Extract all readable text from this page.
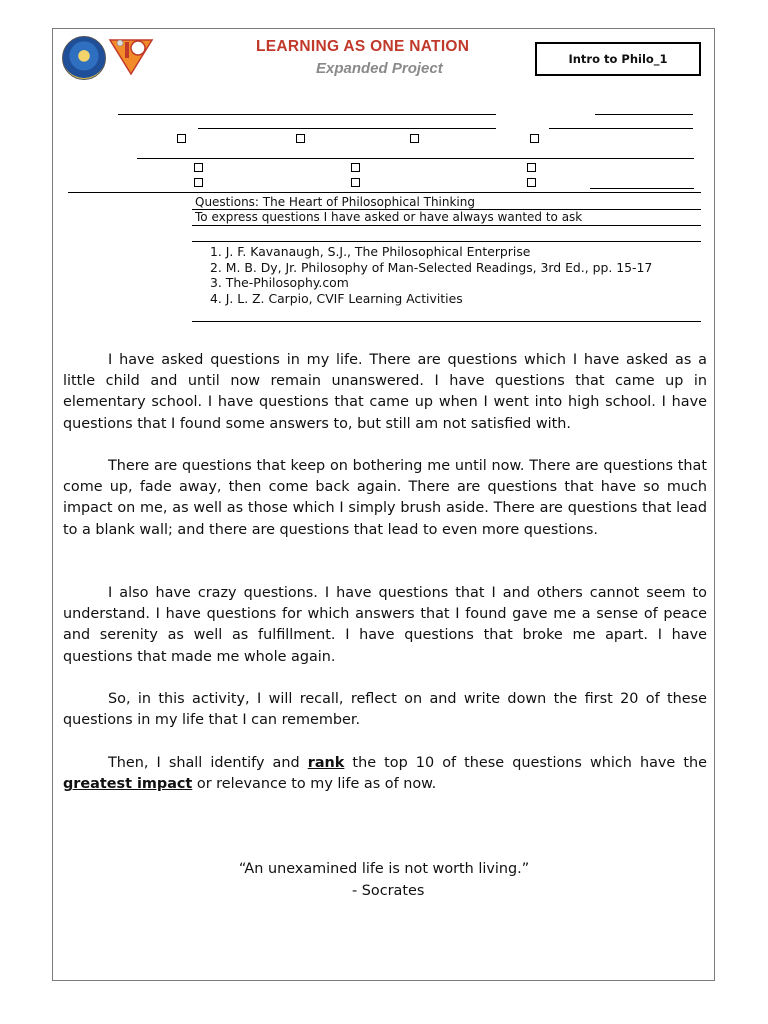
LEARNING AS ONE NATION
Expanded Project
Intro to Philo_1
Questions: The Heart of Philosophical Thinking
To express questions I have asked or have always wanted to ask
1. J. F. Kavanaugh, S.J., The Philosophical Enterprise
2. M. B. Dy, Jr. Philosophy of Man-Selected Readings, 3rd Ed., pp. 15-17
3. The-Philosophy.com
4. J. L. Z. Carpio, CVIF Learning Activities

I have asked questions in my life. There are questions which I have asked as a little child and until now remain unanswered. I have questions that came up in elementary school. I have questions that came up when I went into high school. I have questions that I found some answers to, but still am not satisfied with.

There are questions that keep on bothering me until now. There are questions that come up, fade away, then come back again. There are questions that have so much impact on me, as well as those which I simply brush aside. There are questions that lead to a blank wall; and there are questions that lead to even more questions.

I also have crazy questions. I have questions that I and others cannot seem to understand. I have questions for which answers that I found gave me a sense of peace and serenity as well as fulfillment. I have questions that broke me apart. I have questions that made me whole again.

So, in this activity, I will recall, reflect on and write down the first 20 of these questions in my life that I can remember.

Then, I shall identify and rank the top 10 of these questions which have the greatest impact or relevance to my life as of now.

“An unexamined life is not worth living.”
- Socrates
